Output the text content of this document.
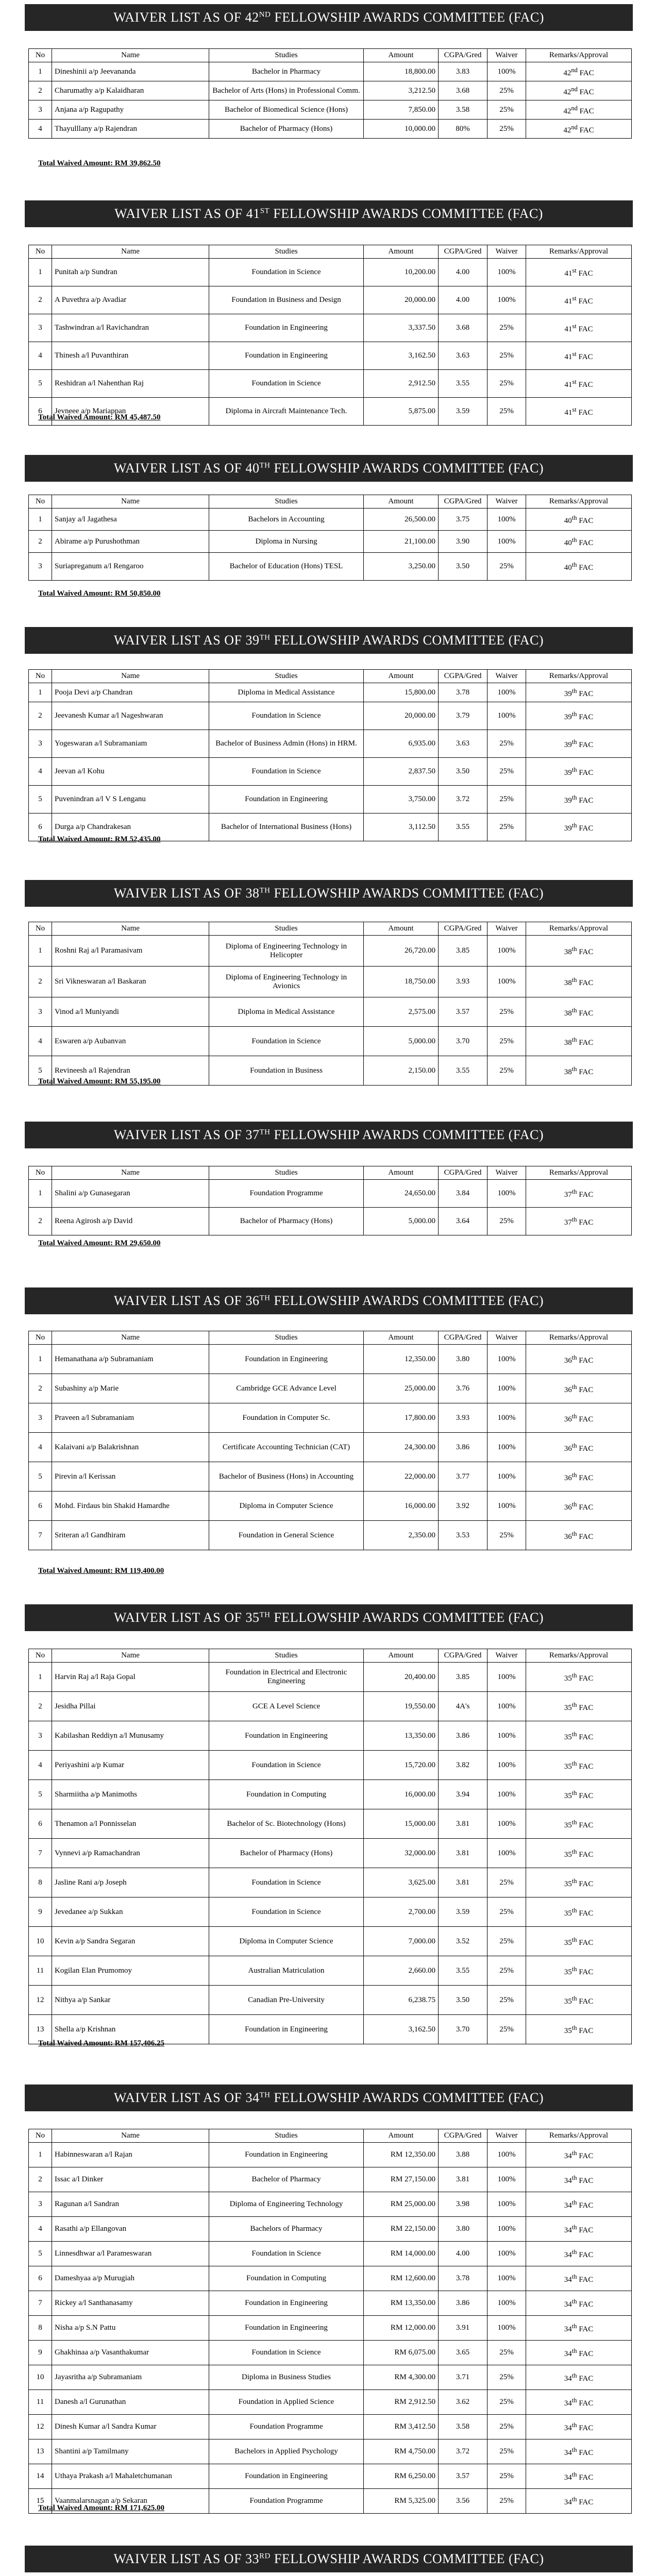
WAIVER LIST AS OF 42ND FELLOWSHIP AWARDS COMMITTEE (FAC)
No	Name	Studies	Amount	CGPA/Gred	Waiver	Remarks/Approval
1	Dineshinii a/p Jeevananda	Bachelor in Pharmacy	18,800.00	3.83	100%	42nd FAC
2	Charumathy a/p Kalaidharan	Bachelor of Arts (Hons) in Professional Comm.	3,212.50	3.68	25%	42nd FAC
3	Anjana a/p Ragupathy	Bachelor of Biomedical Science (Hons)	7,850.00	3.58	25%	42nd FAC
4	Thayulllany a/p Rajendran	Bachelor of Pharmacy (Hons)	10,000.00	80%	25%	42nd FAC
Total Waived Amount: RM 39,862.50
WAIVER LIST AS OF 41ST FELLOWSHIP AWARDS COMMITTEE (FAC)
No	Name	Studies	Amount	CGPA/Gred	Waiver	Remarks/Approval
1	Punitah a/p Sundran	Foundation in Science	10,200.00	4.00	100%	41st FAC
2	A Puvethra a/p Avadiar	Foundation in Business and Design	20,000.00	4.00	100%	41st FAC
3	Tashwindran a/l Ravichandran	Foundation in Engineering	3,337.50	3.68	25%	41st FAC
4	Thinesh a/l Puvanthiran	Foundation in Engineering	3,162.50	3.63	25%	41st FAC
5	Reshidran a/l Nahenthan Raj	Foundation in Science	2,912.50	3.55	25%	41st FAC
6	Jevneee a/p Mariappan	Diploma in Aircraft Maintenance Tech.	5,875.00	3.59	25%	41st FAC
Total Waived Amount: RM 45,487.50
WAIVER LIST AS OF 40TH FELLOWSHIP AWARDS COMMITTEE (FAC)
No	Name	Studies	Amount	CGPA/Gred	Waiver	Remarks/Approval
1	Sanjay a/l Jagathesa	Bachelors in Accounting	26,500.00	3.75	100%	40th FAC
2	Abirame a/p Purushothman	Diploma in Nursing	21,100.00	3.90	100%	40th FAC
3	Suriapreganum a/l Rengaroo	Bachelor of Education (Hons) TESL	3,250.00	3.50	25%	40th FAC
Total Waived Amount: RM 50,850.00
WAIVER LIST AS OF 39TH FELLOWSHIP AWARDS COMMITTEE (FAC)
No	Name	Studies	Amount	CGPA/Gred	Waiver	Remarks/Approval
1	Pooja Devi a/p Chandran	Diploma in Medical Assistance	15,800.00	3.78	100%	39th FAC
2	Jeevanesh Kumar a/l Nageshwaran	Foundation in Science	20,000.00	3.79	100%	39th FAC
3	Yogeswaran a/l Subramaniam	Bachelor of Business Admin (Hons) in HRM.	6,935.00	3.63	25%	39th FAC
4	Jeevan a/l Kohu	Foundation in Science	2,837.50	3.50	25%	39th FAC
5	Puvenindran a/l V S Lenganu	Foundation in Engineering	3,750.00	3.72	25%	39th FAC
6	Durga a/p Chandrakesan	Bachelor of International Business (Hons)	3,112.50	3.55	25%	39th FAC
Total Waived Amount: RM 52,435.00
WAIVER LIST AS OF 38TH FELLOWSHIP AWARDS COMMITTEE (FAC)
No	Name	Studies	Amount	CGPA/Gred	Waiver	Remarks/Approval
1	Roshni Raj a/l Paramasivam	Diploma of Engineering Technology in Helicopter	26,720.00	3.85	100%	38th FAC
2	Sri Vikneswaran a/l Baskaran	Diploma of Engineering Technology in Avionics	18,750.00	3.93	100%	38th FAC
3	Vinod a/l Muniyandi	Diploma in Medical Assistance	2,575.00	3.57	25%	38th FAC
4	Eswaren a/p Aubanvan	Foundation in Science	5,000.00	3.70	25%	38th FAC
5	Revineesh a/l Rajendran	Foundation in Business	2,150.00	3.55	25%	38th FAC
Total Waived Amount: RM 55,195.00
WAIVER LIST AS OF 37TH FELLOWSHIP AWARDS COMMITTEE (FAC)
No	Name	Studies	Amount	CGPA/Gred	Waiver	Remarks/Approval
1	Shalini a/p Gunasegaran	Foundation Programme	24,650.00	3.84	100%	37th FAC
2	Reena Agirosh a/p David	Bachelor of Pharmacy (Hons)	5,000.00	3.64	25%	37th FAC
Total Waived Amount: RM 29,650.00
WAIVER LIST AS OF 36TH FELLOWSHIP AWARDS COMMITTEE (FAC)
No	Name	Studies	Amount	CGPA/Gred	Waiver	Remarks/Approval
1	Hemanathana a/p Subramaniam	Foundation in Engineering	12,350.00	3.80	100%	36th FAC
2	Subashiny a/p Marie	Cambridge GCE Advance Level	25,000.00	3.76	100%	36th FAC
3	Praveen a/l Subramaniam	Foundation in Computer Sc.	17,800.00	3.93	100%	36th FAC
4	Kalaivani a/p Balakrishnan	Certificate Accounting Technician (CAT)	24,300.00	3.86	100%	36th FAC
5	Pirevin a/l Kerissan	Bachelor of Business (Hons) in Accounting	22,000.00	3.77	100%	36th FAC
6	Mohd. Firdaus bin Shakid Hamardhe	Diploma in Computer Science	16,000.00	3.92	100%	36th FAC
7	Sriteran a/l Gandhiram	Foundation in General Science	2,350.00	3.53	25%	36th FAC
Total Waived Amount: RM 119,400.00
WAIVER LIST AS OF 35TH FELLOWSHIP AWARDS COMMITTEE (FAC)
No	Name	Studies	Amount	CGPA/Gred	Waiver	Remarks/Approval
1	Harvin Raj a/l Raja Gopal	Foundation in Electrical and Electronic Engineering	20,400.00	3.85	100%	35th FAC
2	Jesidha Pillai	GCE A Level Science	19,550.00	4A's	100%	35th FAC
3	Kabilashan Reddiyn a/l Munusamy	Foundation in Engineering	13,350.00	3.86	100%	35th FAC
4	Periyashini a/p Kumar	Foundation in Science	15,720.00	3.82	100%	35th FAC
5	Sharmiitha a/p Manimoths	Foundation in Computing	16,000.00	3.94	100%	35th FAC
6	Thenamon a/l Ponnisselan	Bachelor of Sc. Biotechnology (Hons)	15,000.00	3.81	100%	35th FAC
7	Vynnevi a/p Ramachandran	Bachelor of Pharmacy (Hons)	32,000.00	3.81	100%	35th FAC
8	Jasline Rani a/p Joseph	Foundation in Science	3,625.00	3.81	25%	35th FAC
9	Jevedanee a/p Sukkan	Foundation in Science	2,700.00	3.59	25%	35th FAC
10	Kevin a/p Sandra Segaran	Diploma in Computer Science	7,000.00	3.52	25%	35th FAC
11	Kogilan Elan Prumomoy	Australian Matriculation	2,660.00	3.55	25%	35th FAC
12	Nithya a/p Sankar	Canadian Pre-University	6,238.75	3.50	25%	35th FAC
13	Shella a/p Krishnan	Foundation in Engineering	3,162.50	3.70	25%	35th FAC
Total Waived Amount: RM 157,406.25
WAIVER LIST AS OF 34TH FELLOWSHIP AWARDS COMMITTEE (FAC)
No	Name	Studies	Amount	CGPA/Gred	Waiver	Remarks/Approval
1	Habinneswaran a/l Rajan	Foundation in Engineering	RM 12,350.00	3.88	100%	34th FAC
2	Issac a/l Dinker	Bachelor of Pharmacy	RM 27,150.00	3.81	100%	34th FAC
3	Ragunan a/l Sandran	Diploma of Engineering Technology	RM 25,000.00	3.98	100%	34th FAC
4	Rasathi a/p Ellangovan	Bachelors of Pharmacy	RM 22,150.00	3.80	100%	34th FAC
5	Linnesdhwar a/l Parameswaran	Foundation in Science	RM 14,000.00	4.00	100%	34th FAC
6	Dameshyaa a/p Murugiah	Foundation in Computing	RM 12,600.00	3.78	100%	34th FAC
7	Rickey a/l Santhanasamy	Foundation in Engineering	RM 13,350.00	3.86	100%	34th FAC
8	Nisha a/p S.N Pattu	Foundation in Engineering	RM 12,000.00	3.91	100%	34th FAC
9	Ghakhinaa a/p Vasanthakumar	Foundation in Science	RM 6,075.00	3.65	25%	34th FAC
10	Jayasritha a/p Subramaniam	Diploma in Business Studies	RM 4,300.00	3.71	25%	34th FAC
11	Danesh a/l Gurunathan	Foundation in Applied Science	RM 2,912.50	3.62	25%	34th FAC
12	Dinesh Kumar a/l Sandra Kumar	Foundation Programme	RM 3,412.50	3.58	25%	34th FAC
13	Shantini a/p Tamilmany	Bachelors in Applied Psychology	RM 4,750.00	3.72	25%	34th FAC
14	Uthaya Prakash a/l Mahaletchumanan	Foundation in Engineering	RM 6,250.00	3.57	25%	34th FAC
15	Vaanmalarsnagan a/p Sekaran	Foundation Programme	RM 5,325.00	3.56	25%	34th FAC
Total Waived Amount: RM 171,625.00
WAIVER LIST AS OF 33RD FELLOWSHIP AWARDS COMMITTEE (FAC)
